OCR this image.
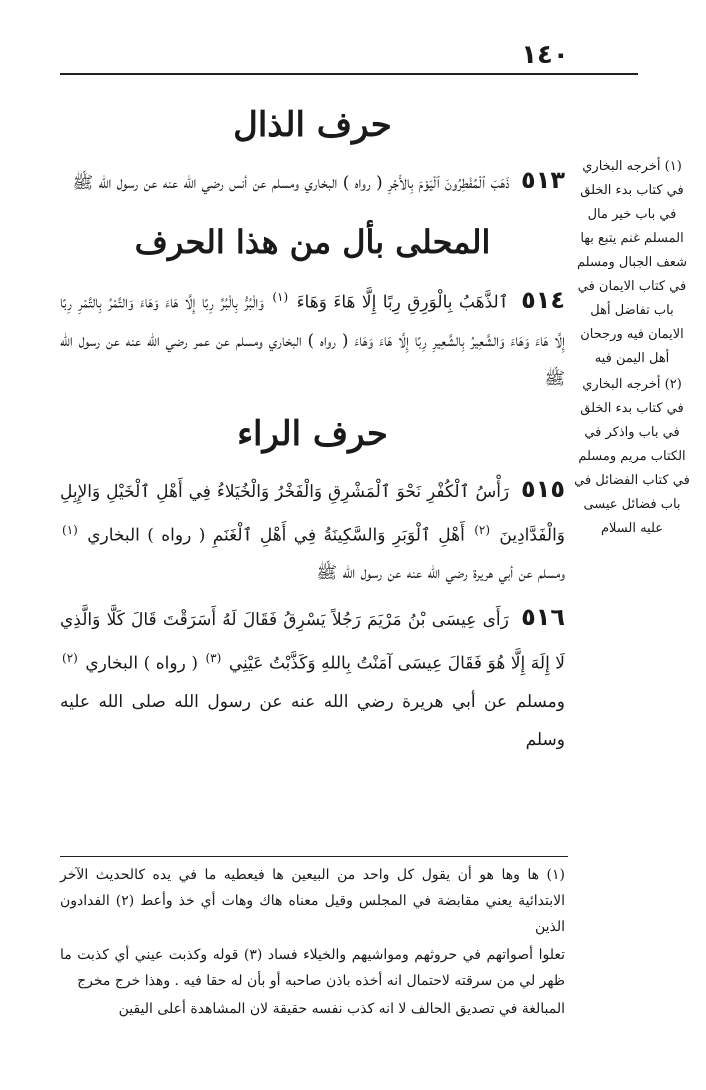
١٤٠
حرف الذال

٥١٣ ذَهَبَ ٱلْمُفْطِرُونَ ٱلْيَوْمَ بِالأَجْرِ ( رواه ) البخاري ومسلم عن أنس رضي الله عنه عن رسول الله ﷺ

المحلى بأل من هذا الحرف

٥١٤ ٱلذَّهَبُ بِالْوَرِقِ رِبًا إِلَّا هَاءَ وَهَاءَ $^{(١)}$ وَالْبُرُّ بِالْبُرِّ رِبًا إِلَّا هَاءَ وَهَاءَ وَالتَّمْرُ بِالتَّمْرِ رِبًا إِلَّا هَاءَ وَهَاءَ وَالشَّعِيرُ بِالشَّعِيرِ رِبًا إِلَّا هَاءَ وَهَاءَ ( رواه ) البخاري ومسلم عن عمر رضي الله عنه عن رسول الله ﷺ

حرف الراء

٥١٥ رَأْسُ ٱلْكُفْرِ نَحْوَ ٱلْمَشْرِقِ وَالْفَخْرُ وَالْخُيَلاءُ فِي أَهْلِ ٱلْخَيْلِ وَالإِبِلِ وَالْفَدَّادِينَ $^{(٢)}$ أَهْلِ ٱلْوَبَرِ وَالسَّكِينَةُ فِي أَهْلِ ٱلْغَنَمِ ( رواه ) البخاري $^{(١)}$ ومسلم عن أبي هريرة رضي الله عنه عن رسول الله ﷺ

٥١٦ رَأَى عِيسَى بْنُ مَرْيَمَ رَجُلاً يَسْرِقُ فَقَالَ لَهُ أَسَرَقْتَ قَالَ كَلَّا وَالَّذِي لَا إِلَهَ إِلَّا هُوَ فَقَالَ عِيسَى آمَنْتُ بِاللهِ وَكَذَّبْتُ عَيْنِي $^{(٣)}$ ( رواه ) البخاري $^{(٢)}$ ومسلم عن أبي هريرة رضي الله عنه عن رسول الله صلى الله عليه وسلم

(١) أخرجه البخاري في كتاب بدء الخلق في باب خير مال المسلم غنم يتبع بها شعف الجبال ومسلم في كتاب الايمان في باب تفاضل أهل الايمان فيه ورجحان أهل اليمن فيه
(٢) أخرجه البخاري في كتاب بدء الخلق في باب واذكر في الكتاب مريم ومسلم في كتاب الفضائل في باب فضائل عيسى عليه السلام

(١) ها وها هو أن يقول كل واحد من البيعين ها فيعطيه ما في يده كالحديث الآخر الابتدائية يعني مقابضة في المجلس وقيل معناه هاك وهات أي خذ وأعط (٢) الفدادون الذين

تعلوا أصواتهم في حروثهم ومواشيهم والخيلاء فساد (٣) قوله وكذبت عيني أي كذبت ما ظهر لي من سرقته لاحتمال انه أخذه باذن صاحبه أو بأن له حقا فيه . وهذا خرج مخرج

المبالغة في تصديق الحالف لا انه كذب نفسه حقيقة لان المشاهدة أعلى اليقين
